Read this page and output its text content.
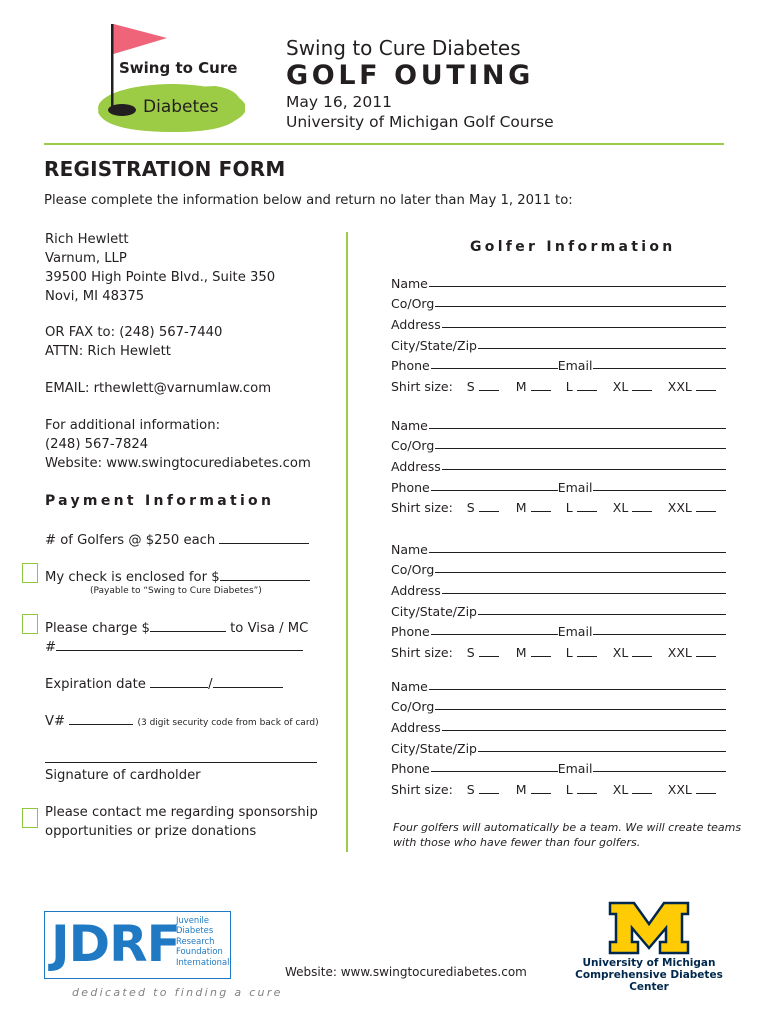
Swing to Cure
Diabetes
Swing to Cure Diabetes
GOLF OUTING
May 16, 2011
University of Michigan Golf Course
REGISTRATION FORM
Please complete the information below and return no later than May 1, 2011 to:
Rich Hewlett
Varnum, LLP
39500 High Pointe Blvd., Suite 350
Novi, MI 48375
OR FAX to: (248) 567-7440
ATTN: Rich Hewlett
EMAIL: rthewlett@varnumlaw.com
For additional information:
(248) 567-7824
Website: www.swingtocurediabetes.com
Payment Information
# of Golfers @ $250 each
My check is enclosed for $
(Payable to “Swing to Cure Diabetes”)
Please charge $	to Visa / MC
#
Expiration date	/
V#	(3 digit security code from back of card)
Signature of cardholder
Please contact me regarding sponsorship
opportunities or prize donations
Golfer Information
Name
Co/Org
Address
City/State/Zip
Phone	Email
Shirt size: S	M	L	XL	XXL
Name
Co/Org
Address
Phone	Email
Shirt size: S	M	L	XL	XXL
Name
Co/Org
Address
City/State/Zip
Phone	Email
Shirt size: S	M	L	XL	XXL
Name
Co/Org
Address
City/State/Zip
Phone	Email
Shirt size: S	M	L	XL	XXL
Four golfers will automatically be a team. We will create teams
with those who have fewer than four golfers.
JDRF
Juvenile
Diabetes
Research
Foundation
International
dedicated to finding a cure
Website: www.swingtocurediabetes.com
University of Michigan
Comprehensive Diabetes Center
